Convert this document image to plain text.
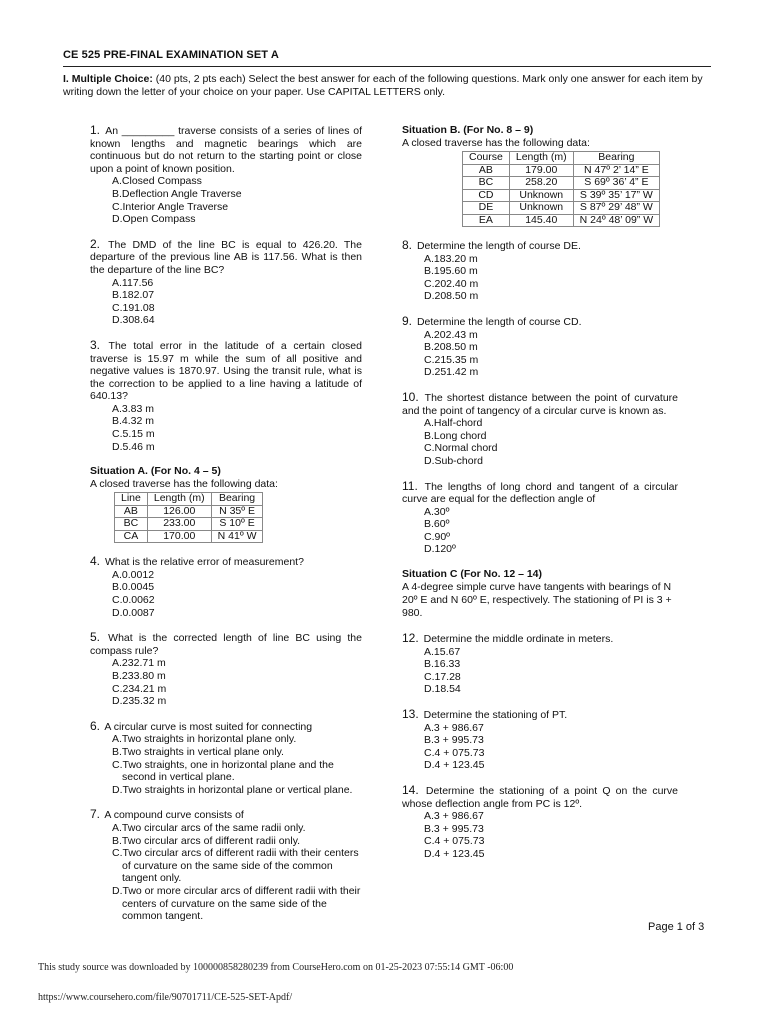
CE 525 PRE-FINAL EXAMINATION SET A
I. Multiple Choice: (40 pts, 2 pts each) Select the best answer for each of the following questions. Mark only one answer for each item by writing down the letter of your choice on your paper. Use CAPITAL LETTERS only.
1. An _________ traverse consists of a series of lines of known lengths and magnetic bearings which are continuous but do not return to the starting point or close upon a point of known position.
A.Closed Compass
B.Deflection Angle Traverse
C.Interior Angle Traverse
D.Open Compass
2. The DMD of the line BC is equal to 426.20. The departure of the previous line AB is 117.56. What is then the departure of the line BC?
A.117.56
B.182.07
C.191.08
D.308.64
3. The total error in the latitude of a certain closed traverse is 15.97 m while the sum of all positive and negative values is 1870.97. Using the transit rule, what is the correction to be applied to a line having a latitude of 640.13?
A.3.83 m
B.4.32 m
C.5.15 m
D.5.46 m
Situation A. (For No. 4 – 5)
A closed traverse has the following data:
Line	Length (m)	Bearing
AB	126.00	N 35º E
BC	233.00	S 10º E
CA	170.00	N 41º W
4. What is the relative error of measurement?
A.0.0012
B.0.0045
C.0.0062
D.0.0087
5. What is the corrected length of line BC using the compass rule?
A.232.71 m
B.233.80 m
C.234.21 m
D.235.32 m
6. A circular curve is most suited for connecting
A.Two straights in horizontal plane only.
B.Two straights in vertical plane only.
C.Two straights, one in horizontal plane and the second in vertical plane.
D.Two straights in horizontal plane or vertical plane.
7. A compound curve consists of
A.Two circular arcs of the same radii only.
B.Two circular arcs of different radii only.
C.Two circular arcs of different radii with their centers of curvature on the same side of the common tangent only.
D.Two or more circular arcs of different radii with their centers of curvature on the same side of the common tangent.
Situation B. (For No. 8 – 9)
A closed traverse has the following data:
Course	Length (m)	Bearing
AB	179.00	N 47º 2’ 14” E
BC	258.20	S 69º 36’ 4” E
CD	Unknown	S 39º 35’ 17” W
DE	Unknown	S 87º 29’ 48” W
EA	145.40	N 24º 48’ 09” W
8. Determine the length of course DE.
A.183.20 m
B.195.60 m
C.202.40 m
D.208.50 m
9. Determine the length of course CD.
A.202.43 m
B.208.50 m
C.215.35 m
D.251.42 m
10. The shortest distance between the point of curvature and the point of tangency of a circular curve is known as.
A.Half-chord
B.Long chord
C.Normal chord
D.Sub-chord
11. The lengths of long chord and tangent of a circular curve are equal for the deflection angle of
A.30º
B.60º
C.90º
D.120º
Situation C (For No. 12 – 14)
A 4-degree simple curve have tangents with bearings of N 20º E and N 60º E, respectively. The stationing of PI is 3 + 980.
12. Determine the middle ordinate in meters.
A.15.67
B.16.33
C.17.28
D.18.54
13. Determine the stationing of PT.
A.3 + 986.67
B.3 + 995.73
C.4 + 075.73
D.4 + 123.45
14. Determine the stationing of a point Q on the curve whose deflection angle from PC is 12º.
A.3 + 986.67
B.3 + 995.73
C.4 + 075.73
D.4 + 123.45
Page 1 of 3
This study source was downloaded by 100000858280239 from CourseHero.com on 01-25-2023 07:55:14 GMT -06:00
https://www.coursehero.com/file/90701711/CE-525-SET-Apdf/
